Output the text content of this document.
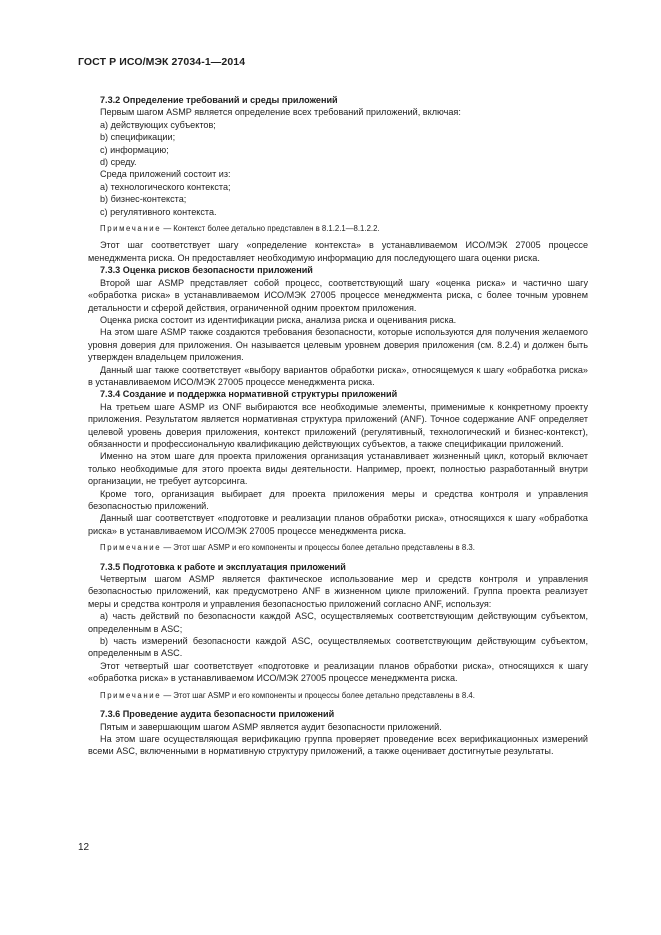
ГОСТ Р ИСО/МЭК 27034-1—2014

7.3.2 Определение требований и среды приложений

Первым шагом ASMP является определение всех требований приложений, включая:

a) действующих субъектов;

b) спецификации;

c) информацию;

d) среду.

Среда приложений состоит из:

a) технологического контекста;

b) бизнес-контекста;

c) регулятивного контекста.

Примечание — Контекст более детально представлен в 8.1.2.1—8.1.2.2.

Этот шаг соответствует шагу «определение контекста» в устанавливаемом ИСО/МЭК 27005 процессе менеджмента риска. Он предоставляет необходимую информацию для последующего шага оценки риска.

7.3.3 Оценка рисков безопасности приложений

Второй шаг ASMP представляет собой процесс, соответствующий шагу «оценка риска» и частично шагу «обработка риска» в устанавливаемом ИСО/МЭК 27005 процессе менеджмента риска, с более точным уровнем детальности и сферой действия, ограниченной одним проектом приложения.

Оценка риска состоит из идентификации риска, анализа риска и оценивания риска.

На этом шаге ASMP также создаются требования безопасности, которые используются для получения желаемого уровня доверия для приложения. Он называется целевым уровнем доверия приложения (см. 8.2.4) и должен быть утвержден владельцем приложения.

Данный шаг также соответствует «выбору вариантов обработки риска», относящемуся к шагу «обработка риска» в устанавливаемом ИСО/МЭК 27005 процессе менеджмента риска.

7.3.4 Создание и поддержка нормативной структуры приложений

На третьем шаге ASMP из ONF выбираются все необходимые элементы, применимые к конкретному проекту приложения. Результатом является нормативная структура приложений (ANF). Точное содержание ANF определяет целевой уровень доверия приложения, контекст приложений (регулятивный, технологический и бизнес-контекст), обязанности и профессиональную квалификацию действующих субъектов, а также спецификации приложений.

Именно на этом шаге для проекта приложения организация устанавливает жизненный цикл, который включает только необходимые для этого проекта виды деятельности. Например, проект, полностью разработанный внутри организации, не требует аутсорсинга.

Кроме того, организация выбирает для проекта приложения меры и средства контроля и управления безопасностью приложений.

Данный шаг соответствует «подготовке и реализации планов обработки риска», относящихся к шагу «обработка риска» в устанавливаемом ИСО/МЭК 27005 процессе менеджмента риска.

Примечание — Этот шаг ASMP и его компоненты и процессы более детально представлены в 8.3.

7.3.5 Подготовка к работе и эксплуатация приложений

Четвертым шагом ASMP является фактическое использование мер и средств контроля и управления безопасностью приложений, как предусмотрено ANF в жизненном цикле приложений. Группа проекта реализует меры и средства контроля и управления безопасностью приложений согласно ANF, используя:

a) часть действий по безопасности каждой ASC, осуществляемых соответствующим действующим субъектом, определенным в ASC;

b) часть измерений безопасности каждой ASC, осуществляемых соответствующим действующим субъектом, определенным в ASC.

Этот четвертый шаг соответствует «подготовке и реализации планов обработки риска», относящихся к шагу «обработка риска» в устанавливаемом ИСО/МЭК 27005 процессе менеджмента риска.

Примечание — Этот шаг ASMP и его компоненты и процессы более детально представлены в 8.4.

7.3.6 Проведение аудита безопасности приложений

Пятым и завершающим шагом ASMP является аудит безопасности приложений.

На этом шаге осуществляющая верификацию группа проверяет проведение всех верификационных измерений всеми ASC, включенными в нормативную структуру приложений, а также оценивает достигнутые результаты.

12
